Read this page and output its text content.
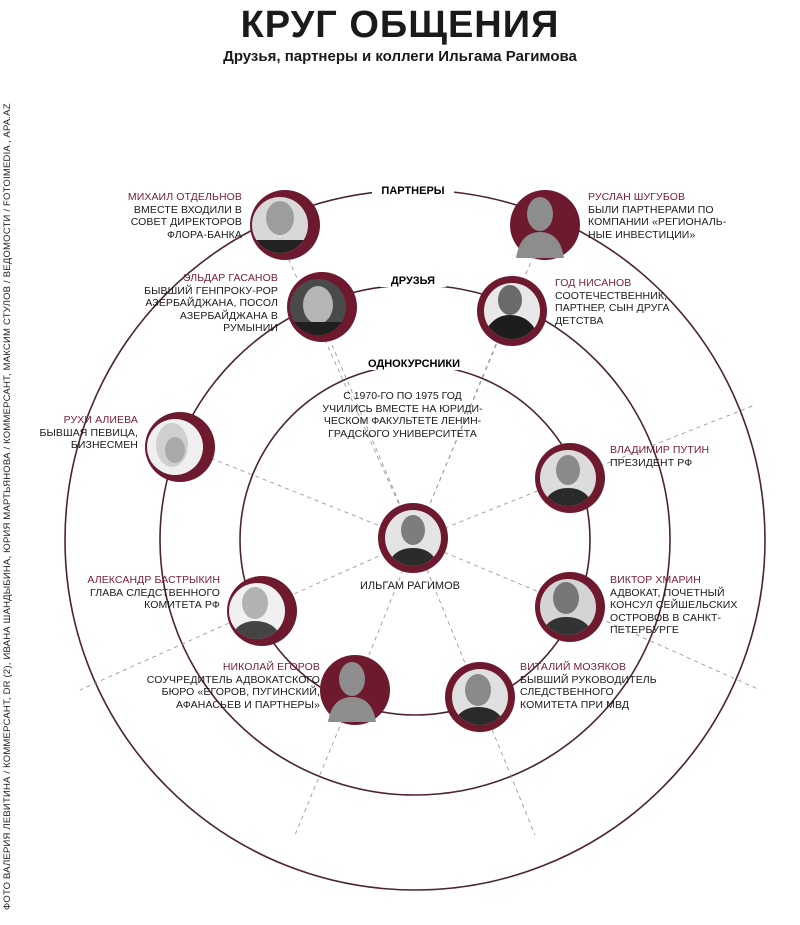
КРУГ ОБЩЕНИЯ
Друзья, партнеры и коллеги Ильгама Рагимова
ФОТО ВАЛЕРИЯ ЛЕВИТИНА / КОММЕРСАНТ, DR (2), ИВАНА ШАНДЫБИНА, ЮРИЯ МАРТЬЯНОВА / КОММЕРСАНТ, МАКСИМ СТУЛОВ / ВЕДОМОСТИ / FOTOIMEDIA , APA.AZ	ПАРТНЕРЫ
ДРУЗЬЯ
ОДНОКУРСНИКИ
С 1970-ГО ПО 1975 ГОД УЧИЛИСЬ ВМЕСТЕ НА ЮРИДИ-ЧЕСКОМ ФАКУЛЬТЕТЕ ЛЕНИН-ГРАДСКОГО УНИВЕРСИТЕТА
ИЛЬГАМ РАГИМОВ
МИХАИЛ ОТДЕЛЬНОВ
ВМЕСТЕ ВХОДИЛИ В СОВЕТ ДИРЕКТОРОВ ФЛОРА-БАНКА
РУСЛАН ШУГУБОВ
БЫЛИ ПАРТНЕРАМИ ПО КОМПАНИИ «РЕГИОНАЛЬ-НЫЕ ИНВЕСТИЦИИ»
ЭЛЬДАР ГАСАНОВ
БЫВШИЙ ГЕНПРОКУ-РОР АЗЕРБАЙДЖАНА, ПОСОЛ АЗЕРБАЙДЖАНА В РУМЫНИИ
ГОД НИСАНОВ
СООТЕЧЕСТВЕННИК, ПАРТНЕР, СЫН ДРУГА ДЕТСТВА
РУХИ АЛИЕВА
БЫВШАЯ ПЕВИЦА, БИЗНЕСМЕН	ВЛАДИМИР ПУТИН
ПРЕЗИДЕНТ РФ
АЛЕКСАНДР БАСТРЫКИН
ГЛАВА СЛЕДСТВЕННОГО КОМИТЕТА РФ
ВИКТОР ХМАРИН
АДВОКАТ, ПОЧЕТНЫЙ КОНСУЛ СЕЙШЕЛЬСКИХ ОСТРОВОВ В САНКТ-ПЕТЕРБУРГЕ
НИКОЛАЙ ЕГОРОВ
СОУЧРЕДИТЕЛЬ АДВОКАТСКОГО БЮРО «ЕГОРОВ, ПУГИНСКИЙ, АФАНАСЬЕВ И ПАРТНЕРЫ»
ВИТАЛИЙ МОЗЯКОВ
БЫВШИЙ РУКОВОДИТЕЛЬ СЛЕДСТВЕННОГО КОМИТЕТА ПРИ МВД
